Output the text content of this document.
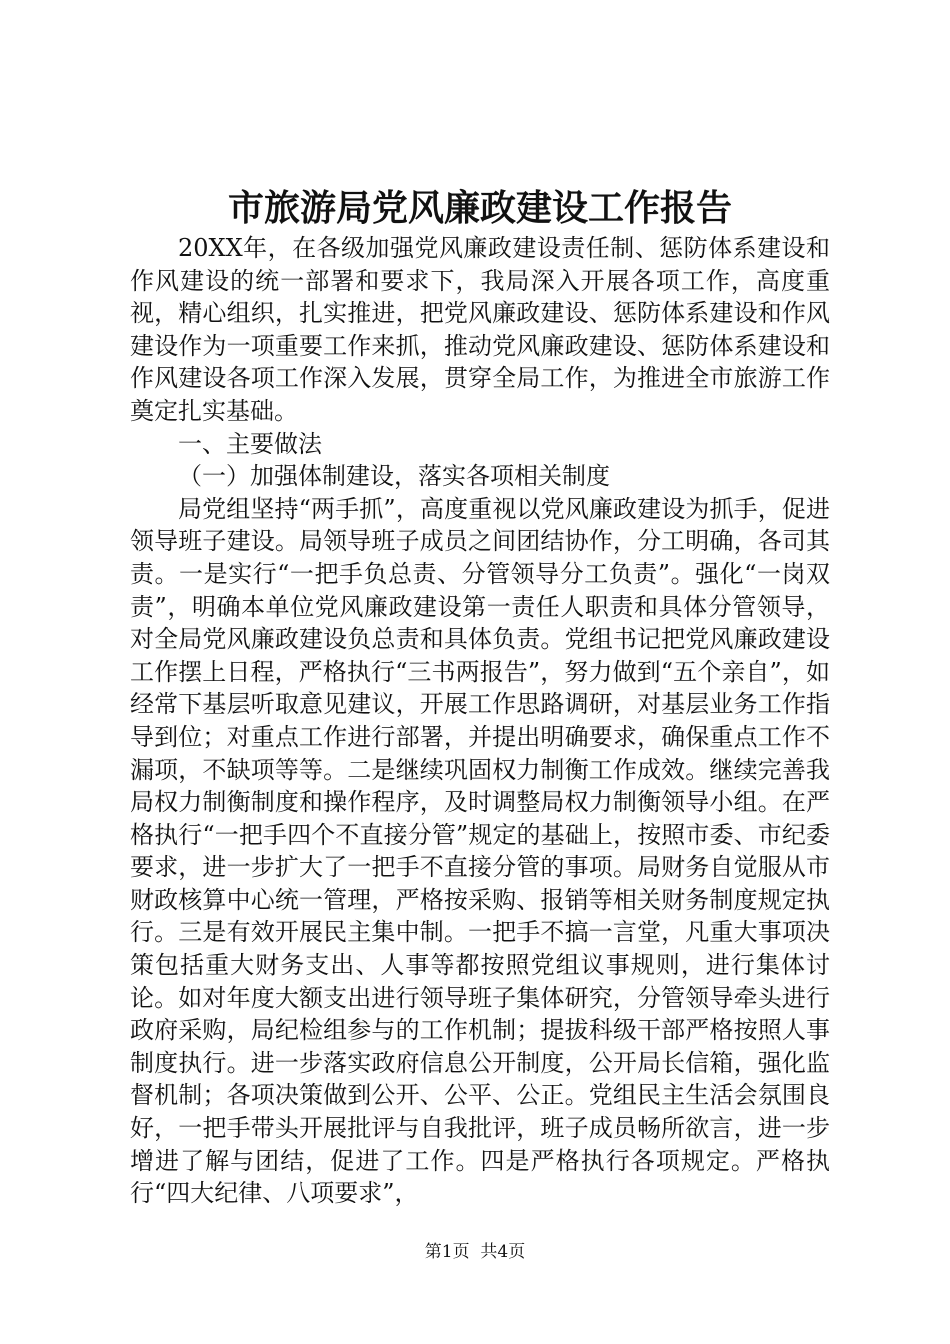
市旅游局党风廉政建设工作报告

20XX年，在各级加强党风廉政建设责任制、惩防体系建设和作风建设的统一部署和要求下，我局深入开展各项工作，高度重视，精心组织，扎实推进，把党风廉政建设、惩防体系建设和作风建设作为一项重要工作来抓，推动党风廉政建设、惩防体系建设和作风建设各项工作深入发展，贯穿全局工作，为推进全市旅游工作奠定扎实基础。

一、主要做法

（一）加强体制建设，落实各项相关制度

局党组坚持“两手抓”，高度重视以党风廉政建设为抓手，促进领导班子建设。局领导班子成员之间团结协作，分工明确，各司其责。一是实行“一把手负总责、分管领导分工负责”。强化“一岗双责”，明确本单位党风廉政建设第一责任人职责和具体分管领导，对全局党风廉政建设负总责和具体负责。党组书记把党风廉政建设工作摆上日程，严格执行“三书两报告”，努力做到“五个亲自”，如经常下基层听取意见建议，开展工作思路调研，对基层业务工作指导到位；对重点工作进行部署，并提出明确要求，确保重点工作不漏项，不缺项等等。二是继续巩固权力制衡工作成效。继续完善我局权力制衡制度和操作程序，及时调整局权力制衡领导小组。在严格执行“一把手四个不直接分管”规定的基础上，按照市委、市纪委要求，进一步扩大了一把手不直接分管的事项。局财务自觉服从市财政核算中心统一管理，严格按采购、报销等相关财务制度规定执行。三是有效开展民主集中制。一把手不搞一言堂，凡重大事项决策包括重大财务支出、人事等都按照党组议事规则，进行集体讨论。如对年度大额支出进行领导班子集体研究，分管领导牵头进行政府采购，局纪检组参与的工作机制；提拔科级干部严格按照人事制度执行。进一步落实政府信息公开制度，公开局长信箱，强化监督机制；各项决策做到公开、公平、公正。党组民主生活会氛围良好，一把手带头开展批评与自我批评，班子成员畅所欲言，进一步增进了解与团结，促进了工作。四是严格执行各项规定。严格执行“四大纪律、八项要求”，

第1页  共4页
